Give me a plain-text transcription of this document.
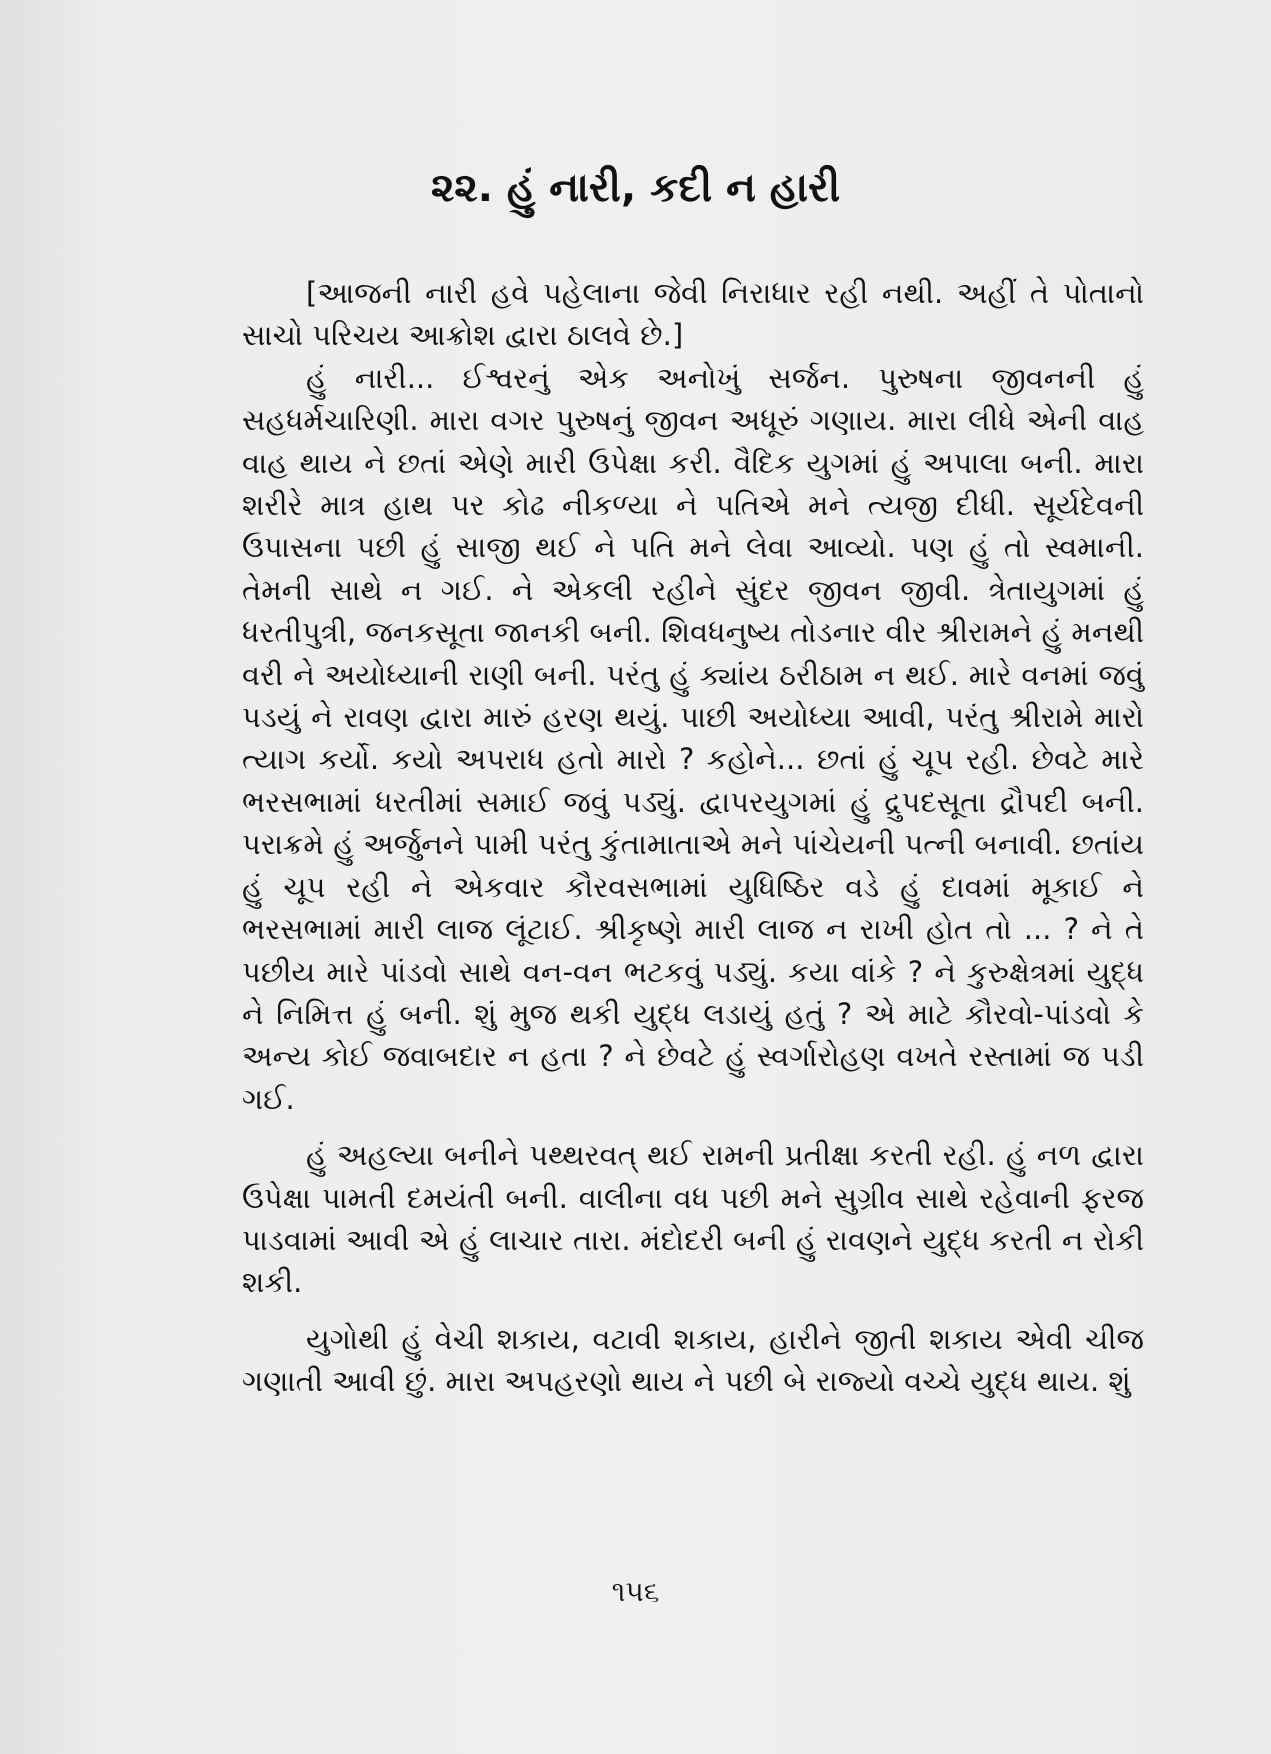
૨૨. હું નારી, કદી ન હારી

[આજની નારી હવે પહેલાના જેવી નિરાધાર રહી નથી. અહીં તે પોતાનો સાચો પરિચય આક્રોશ દ્વારા ઠાલવે છે.]

હું નારી... ઈશ્વરનું એક અનોખું સર્જન. પુરુષના જીવનની હું સહધર્મચારિણી. મારા વગર પુરુષનું જીવન અધૂરું ગણાય. મારા લીધે એની વાહ વાહ થાય ને છતાં એણે મારી ઉપેક્ષા કરી. વૈદિક યુગમાં હું અપાલા બની. મારા શરીરે માત્ર હાથ પર કોઢ નીકળ્યા ને પતિએ મને ત્યજી દીધી. સૂર્યદેવની ઉપાસના પછી હું સાજી થઈ ને પતિ મને લેવા આવ્યો. પણ હું તો સ્વમાની. તેમની સાથે ન ગઈ. ને એકલી રહીને સુંદર જીવન જીવી. ત્રેતાયુગમાં હું ધરતીપુત્રી, જનકસૂતા જાનકી બની. શિવધનુષ્ય તોડનાર વીર શ્રીરામને હું મનથી વરી ને અયોધ્યાની રાણી બની. પરંતુ હું ક્યાંય ઠરીઠામ ન થઈ. મારે વનમાં જવું પડયું ને રાવણ દ્વારા મારું હરણ થયું. પાછી અયોધ્યા આવી, પરંતુ શ્રીરામે મારો ત્યાગ કર્યો. કયો અપરાધ હતો મારો ? કહોને... છતાં હું ચૂપ રહી. છેવટે મારે ભરસભામાં ધરતીમાં સમાઈ જવું પડ્યું. દ્વાપરયુગમાં હું દ્રુપદસૂતા દ્રૌપદી બની. પરાક્રમે હું અર્જુનને પામી પરંતુ કુંતામાતાએ મને પાંચેયની પત્ની બનાવી. છતાંય હું ચૂપ રહી ને એકવાર કૌરવસભામાં યુધિષ્ઠિર વડે હું દાવમાં મૂકાઈ ને ભરસભામાં મારી લાજ લૂંટાઈ. શ્રીકૃષ્ણે મારી લાજ ન રાખી હોત તો ... ? ને તે પછીય મારે પાંડવો સાથે વન-વન ભટકવું પડ્યું. કયા વાંકે ? ને કુરુક્ષેત્રમાં યુદ્ધ ને નિમિત્ત હું બની. શું મુજ થકી યુદ્ધ લડાયું હતું ? એ માટે કૌરવો-પાંડવો કે અન્ય કોઈ જવાબદાર ન હતા ? ને છેવટે હું સ્વર્ગારોહણ વખતે રસ્તામાં જ પડી ગઈ.

હું અહલ્યા બનીને પથ્થરવત્ થઈ રામની પ્રતીક્ષા કરતી રહી. હું નળ દ્વારા ઉપેક્ષા પામતી દમયંતી બની. વાલીના વધ પછી મને સુગ્રીવ સાથે રહેવાની ફરજ પાડવામાં આવી એ હું લાચાર તારા. મંદોદરી બની હું રાવણને યુદ્ધ કરતી ન રોકી શકી.

યુગોથી હું વેચી શકાય, વટાવી શકાય, હારીને જીતી શકાય એવી ચીજ ગણાતી આવી છું. મારા અપહરણો થાય ને પછી બે રાજ્યો વચ્ચે યુદ્ધ થાય. શું

૧૫૬
